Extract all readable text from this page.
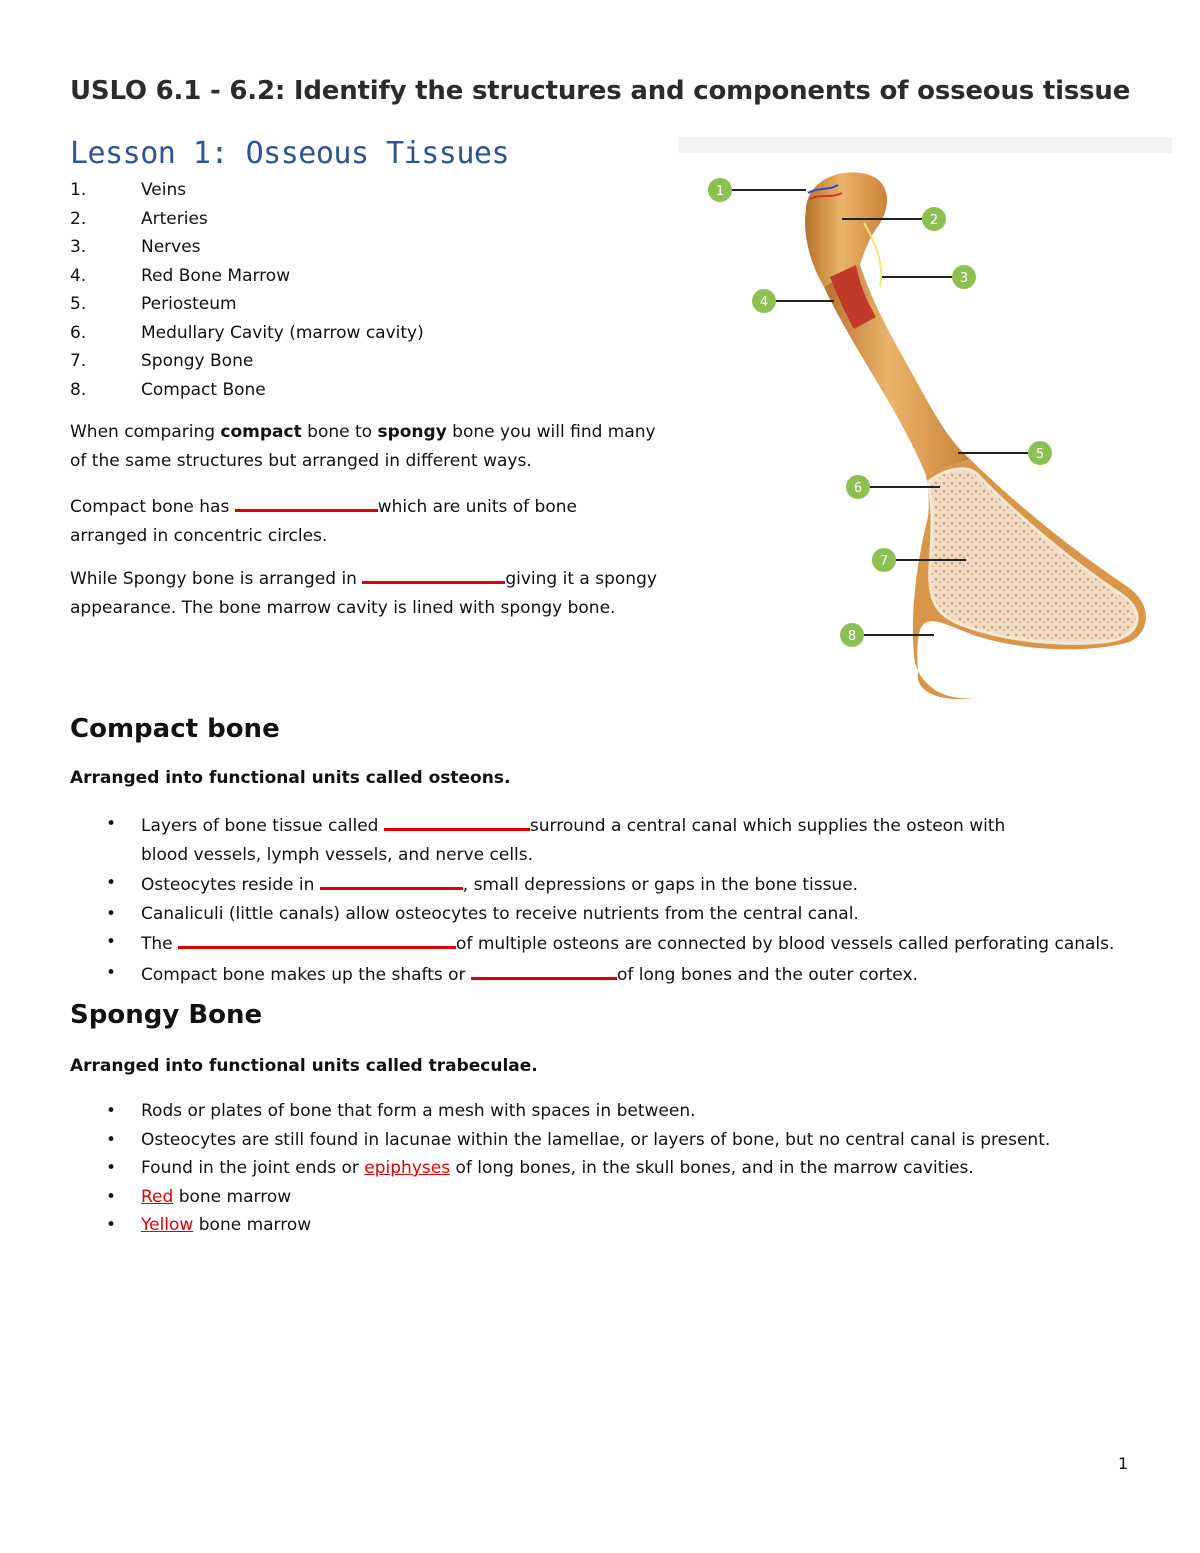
USLO 6.1 - 6.2: Identify the structures and components of osseous tissue
Lesson 1: Osseous Tissues
1.	Veins
2.	Arteries
3.	Nerves
4.	Red Bone Marrow
5.	Periosteum
6.	Medullary Cavity (marrow cavity)
7.	Spongy Bone
8.	Compact Bone

When comparing compact bone to spongy bone you will find many of the same structures but arranged in different ways.

Compact bone has	which are units of bone arranged in concentric circles.

While Spongy bone is arranged in	giving it a spongy appearance. The bone marrow cavity is lined with spongy bone.

1
2
3
4
5
6
7
8
Compact bone

Arranged into functional units called osteons.

• Layers of bone tissue called	surround a central canal which supplies the osteon with blood vessels, lymph vessels, and nerve cells.
• Osteocytes reside in	, small depressions or gaps in the bone tissue.
• Canaliculi (little canals) allow osteocytes to receive nutrients from the central canal.
• The	of multiple osteons are connected by blood vessels called perforating canals.
• Compact bone makes up the shafts or	of long bones and the outer cortex.
Spongy Bone

Arranged into functional units called trabeculae.

• Rods or plates of bone that form a mesh with spaces in between.
• Osteocytes are still found in lacunae within the lamellae, or layers of bone, but no central canal is present.
• Found in the joint ends or epiphyses of long bones, in the skull bones, and in the marrow cavities.
• Red bone marrow
• Yellow bone marrow
1
